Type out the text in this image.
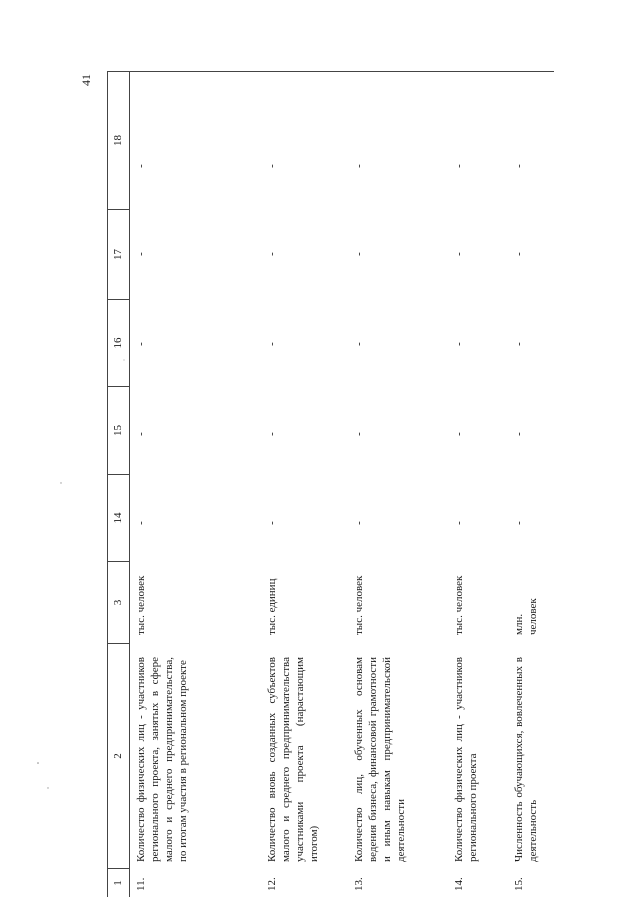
41
1
2
3
14
15
16
17
18
11.
Количество физических лиц - участников регионального проекта, занятых в сфере малого и среднего предпринимательства, по итогам участия в региональном проекте
тыс. человек
-
-
-
-
-
12.
Количество вновь созданных субъектов малого и среднего предпринимательства участниками проекта (нарастающим итогом)
тыс. единиц
-
-
-
-
-
13.
Количество лиц, обученных основам ведения бизнеса, финансовой грамотности и иным навыкам предпринимательской деятельности
тыс. человек
-
-
-
-
-
14.
Количество физических лиц - участников регионального проекта
тыс. человек
-
-
-
-
-
15.
Численность обучающихся, вовлеченных в деятельность
млн. человек
-
-
-
-
-
